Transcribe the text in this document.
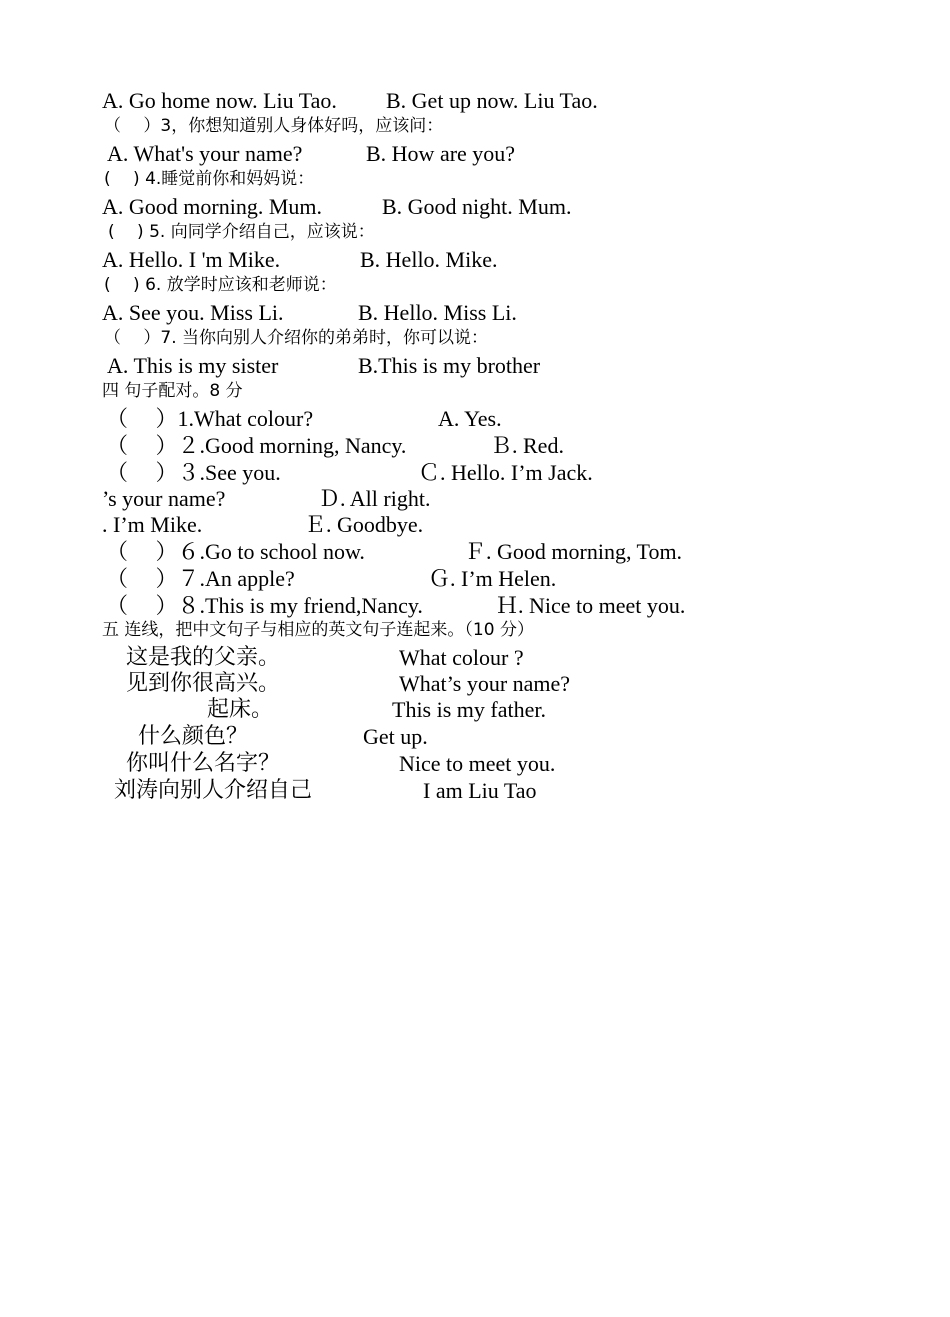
A. Go home now. Liu Tao. B. Get up now. Liu Tao.
（　 ）3，你想知道别人身体好吗，应该问：
A. What's your name?	B. How are you?
(　 ) 4.睡觉前你和妈妈说：
A. Good morning. Mum.	B. Good night. Mum.
(　 ) 5. 向同学介绍自己，应该说：
A. Hello. I 'm Mike.	B. Hello. Mike.
(　 ) 6. 放学时应该和老师说：
A. See you. Miss Li.	B. Hello. Miss Li.
（　 ）7. 当你向别人介绍你的弟弟时，你可以说：
A. This is my sister	B.This is my brother
四 句子配对。8 分
（　 ）1.What colour?	A. Yes.
（　 ）２.Good morning, Nancy.	Ｂ. Red.
（　 ）３.See you.	Ｃ. Hello. I’m Jack.
’s your name?	Ｄ. All right.
. I’m Mike.	Ｅ. Goodbye.
（　 ）６.Go to school now.	Ｆ. Good morning, Tom.
（　 ）７.An apple?	Ｇ. I’m Helen.
（　 ）８.This is my friend,Nancy.	Ｈ. Nice to meet you.
五 连线，把中文句子与相应的英文句子连起来。（10 分）
这是我的父亲。	What colour ?
见到你很高兴。	What’s your name?
起床。	This is my father.
什么颜色？	Get up.
你叫什么名字？	Nice to meet you.
刘涛向别人介绍自己	I am Liu Tao
